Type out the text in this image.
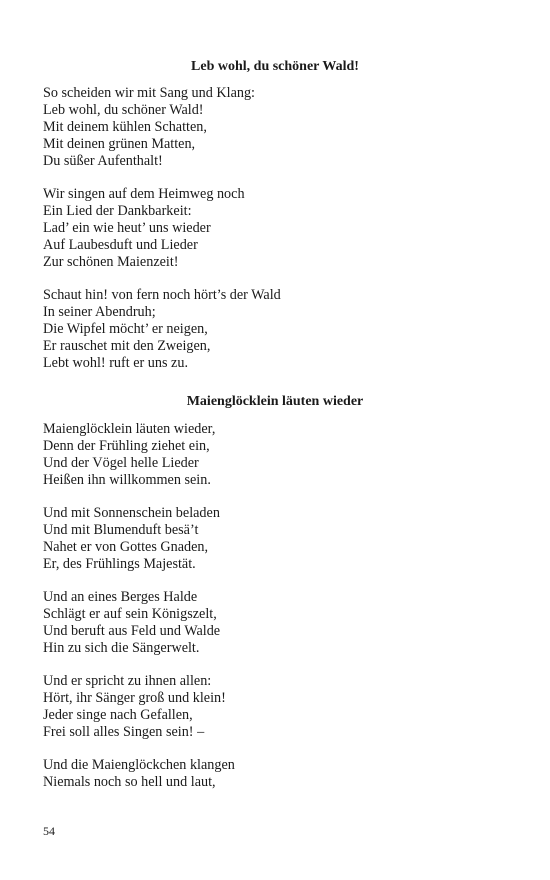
Leb wohl, du schöner Wald!
So scheiden wir mit Sang und Klang:
Leb wohl, du schöner Wald!
Mit deinem kühlen Schatten,
Mit deinen grünen Matten,
Du süßer Aufenthalt!
Wir singen auf dem Heimweg noch
Ein Lied der Dankbarkeit:
Lad’ ein wie heut’ uns wieder
Auf Laubesduft und Lieder
Zur schönen Maienzeit!
Schaut hin! von fern noch hört’s der Wald
In seiner Abendruh;
Die Wipfel möcht’ er neigen,
Er rauschet mit den Zweigen,
Lebt wohl! ruft er uns zu.
Maienglöcklein läuten wieder
Maienglöcklein läuten wieder,
Denn der Frühling ziehet ein,
Und der Vögel helle Lieder
Heißen ihn willkommen sein.
Und mit Sonnenschein beladen
Und mit Blumenduft besä’t
Nahet er von Gottes Gnaden,
Er, des Frühlings Majestät.
Und an eines Berges Halde
Schlägt er auf sein Königszelt,
Und beruft aus Feld und Walde
Hin zu sich die Sängerwelt.
Und er spricht zu ihnen allen:
Hört, ihr Sänger groß und klein!
Jeder singe nach Gefallen,
Frei soll alles Singen sein! –
Und die Maienglöckchen klangen
Niemals noch so hell und laut,

54
